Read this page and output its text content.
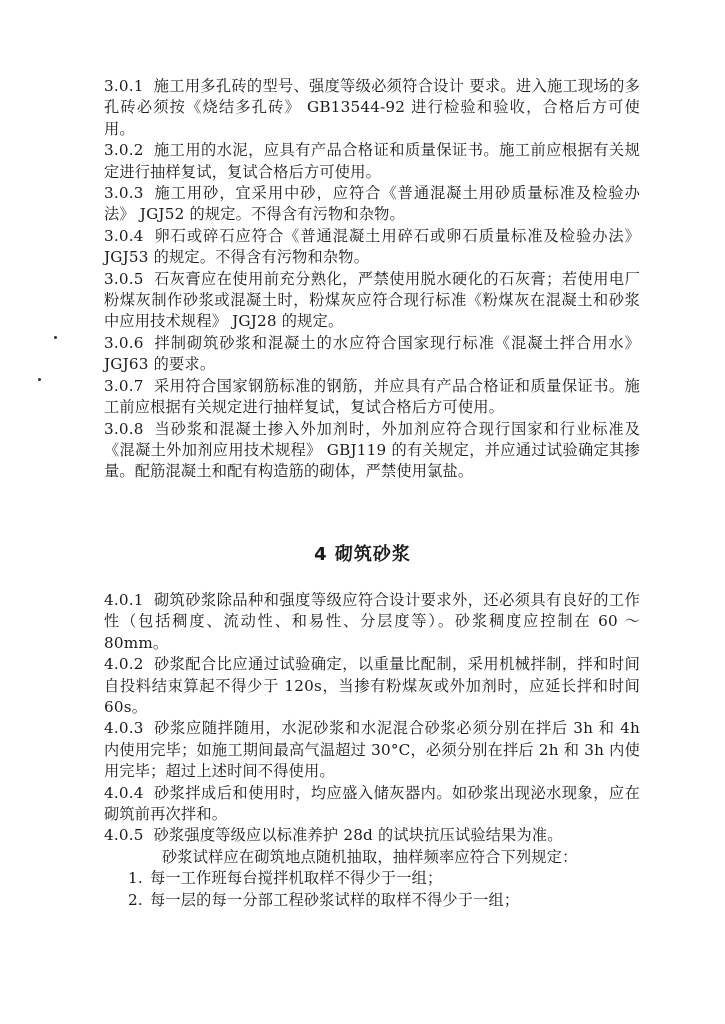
3.0.1 施工用多孔砖的型号、强度等级必须符合设计 要求。进入施工现场的多孔砖必须按《烧结多孔砖》 GB13544-92 进行检验和验收，合格后方可使用。

3.0.2 施工用的水泥，应具有产品合格证和质量保证书。施工前应根据有关规定进行抽样复试，复试合格后方可使用。

3.0.3 施工用砂，宜采用中砂，应符合《普通混凝土用砂质量标准及检验办法》 JGJ52 的规定。不得含有污物和杂物。

3.0.4 卵石或碎石应符合《普通混凝土用碎石或卵石质量标准及检验办法》 JGJ53 的规定。不得含有污物和杂物。

3.0.5 石灰膏应在使用前充分熟化，严禁使用脱水硬化的石灰膏；若使用电厂粉煤灰制作砂浆或混凝土时，粉煤灰应符合现行标准《粉煤灰在混凝土和砂浆中应用技术规程》 JGJ28 的规定。

3.0.6 拌制砌筑砂浆和混凝土的水应符合国家现行标准《混凝土拌合用水》 JGJ63 的要求。

3.0.7 采用符合国家钢筋标准的钢筋，并应具有产品合格证和质量保证书。施工前应根据有关规定进行抽样复试，复试合格后方可使用。

3.0.8 当砂浆和混凝土掺入外加剂时，外加剂应符合现行国家和行业标准及《混凝土外加剂应用技术规程》 GBJ119 的有关规定，并应通过试验确定其掺量。配筋混凝土和配有构造筋的砌体，严禁使用氯盐。

4 砌筑砂浆

4.0.1 砌筑砂浆除品种和强度等级应符合设计要求外，还必须具有良好的工作性（包括稠度、流动性、和易性、分层度等）。砂浆稠度应控制在 60 ～ 80mm。

4.0.2 砂浆配合比应通过试验确定，以重量比配制，采用机械拌制，拌和时间自投料结束算起不得少于 120s，当掺有粉煤灰或外加剂时，应延长拌和时间 60s。

4.0.3 砂浆应随拌随用，水泥砂浆和水泥混合砂浆必须分别在拌后 3h 和 4h 内使用完毕；如施工期间最高气温超过 30°C，必须分别在拌后 2h 和 3h 内使用完毕；超过上述时间不得使用。

4.0.4 砂浆拌成后和使用时，均应盛入储灰器内。如砂浆出现泌水现象，应在砌筑前再次拌和。

4.0.5 砂浆强度等级应以标准养护 28d 的试块抗压试验结果为准。

砂浆试样应在砌筑地点随机抽取，抽样频率应符合下列规定：

1. 每一工作班每台搅拌机取样不得少于一组；

2. 每一层的每一分部工程砂浆试样的取样不得少于一组；
